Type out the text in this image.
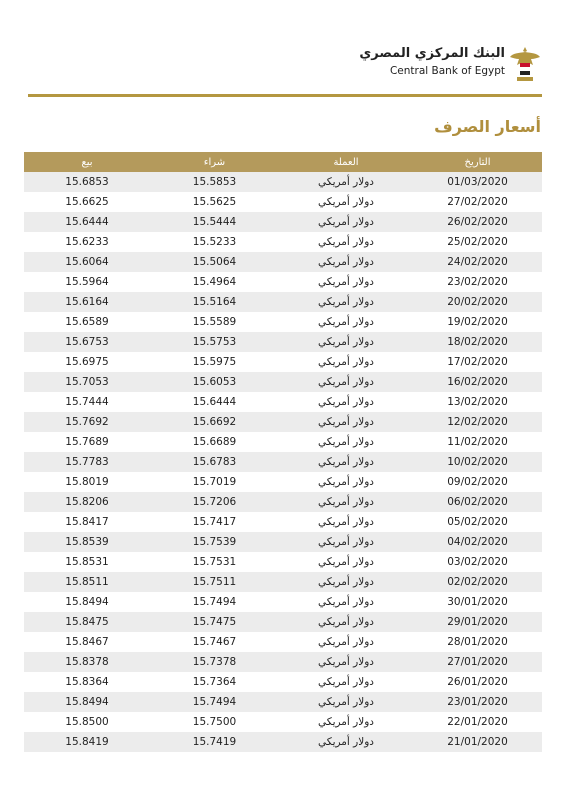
البنك المركزي المصري
Central Bank of Egypt
أسعار الصرف
بيع	شراء	العملة	التاريخ
15.6853	15.5853	دولار أمريكي	01/03/2020
15.6625	15.5625	دولار أمريكي	27/02/2020
15.6444	15.5444	دولار أمريكي	26/02/2020
15.6233	15.5233	دولار أمريكي	25/02/2020
15.6064	15.5064	دولار أمريكي	24/02/2020
15.5964	15.4964	دولار أمريكي	23/02/2020
15.6164	15.5164	دولار أمريكي	20/02/2020
15.6589	15.5589	دولار أمريكي	19/02/2020
15.6753	15.5753	دولار أمريكي	18/02/2020
15.6975	15.5975	دولار أمريكي	17/02/2020
15.7053	15.6053	دولار أمريكي	16/02/2020
15.7444	15.6444	دولار أمريكي	13/02/2020
15.7692	15.6692	دولار أمريكي	12/02/2020
15.7689	15.6689	دولار أمريكي	11/02/2020
15.7783	15.6783	دولار أمريكي	10/02/2020
15.8019	15.7019	دولار أمريكي	09/02/2020
15.8206	15.7206	دولار أمريكي	06/02/2020
15.8417	15.7417	دولار أمريكي	05/02/2020
15.8539	15.7539	دولار أمريكي	04/02/2020
15.8531	15.7531	دولار أمريكي	03/02/2020
15.8511	15.7511	دولار أمريكي	02/02/2020
15.8494	15.7494	دولار أمريكي	30/01/2020
15.8475	15.7475	دولار أمريكي	29/01/2020
15.8467	15.7467	دولار أمريكي	28/01/2020
15.8378	15.7378	دولار أمريكي	27/01/2020
15.8364	15.7364	دولار أمريكي	26/01/2020
15.8494	15.7494	دولار أمريكي	23/01/2020
15.8500	15.7500	دولار أمريكي	22/01/2020
15.8419	15.7419	دولار أمريكي	21/01/2020
